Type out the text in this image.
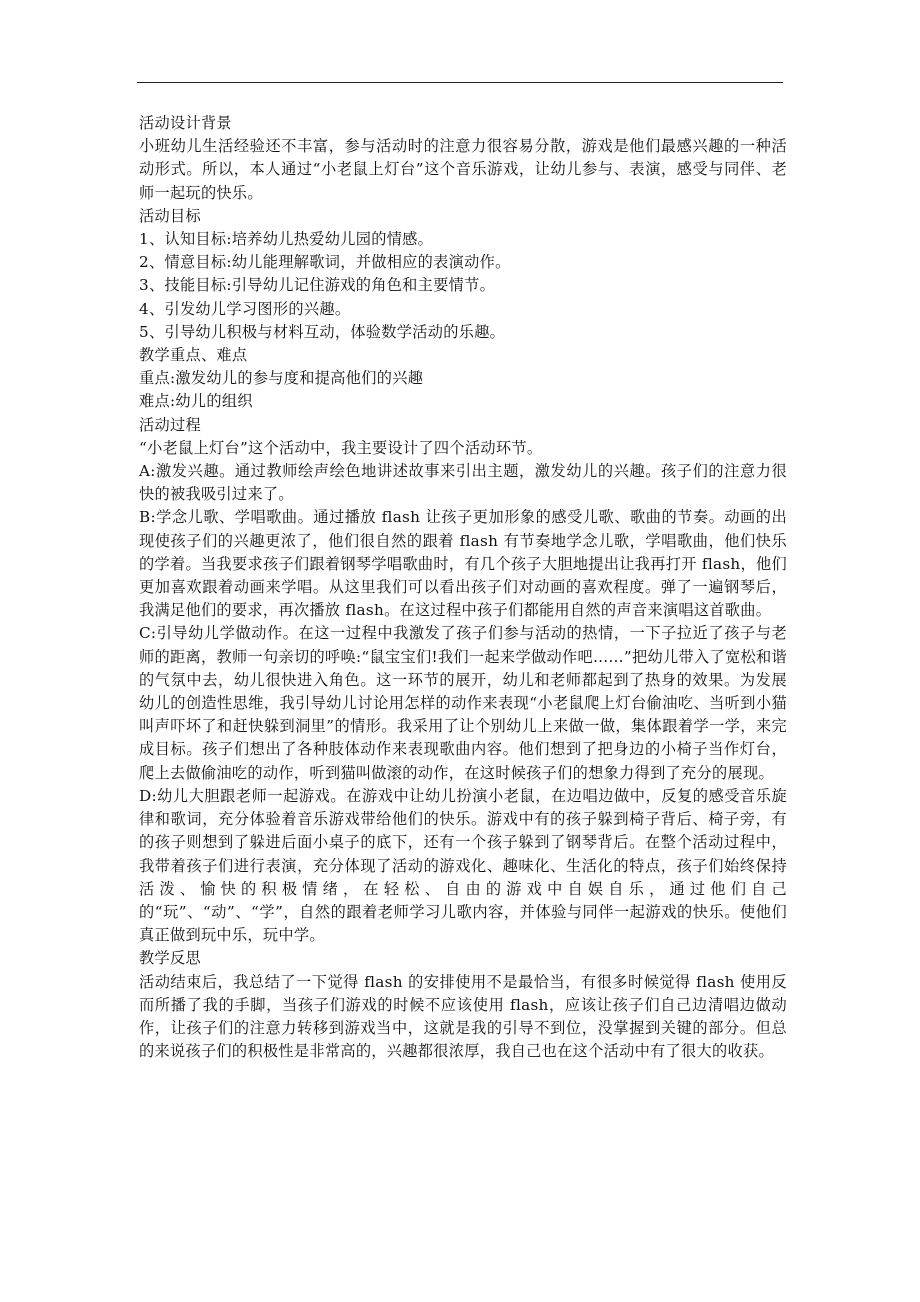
活动设计背景

小班幼儿生活经验还不丰富，参与活动时的注意力很容易分散，游戏是他们最感兴趣的一种活动形式。所以，本人通过“小老鼠上灯台”这个音乐游戏，让幼儿参与、表演，感受与同伴、老师一起玩的快乐。

活动目标

1、认知目标:培养幼儿热爱幼儿园的情感。

2、情意目标:幼儿能理解歌词，并做相应的表演动作。

3、技能目标:引导幼儿记住游戏的角色和主要情节。

4、引发幼儿学习图形的兴趣。

5、引导幼儿积极与材料互动，体验数学活动的乐趣。

教学重点、难点

重点:激发幼儿的参与度和提高他们的兴趣

难点:幼儿的组织

活动过程

“小老鼠上灯台”这个活动中，我主要设计了四个活动环节。

A:激发兴趣。通过教师绘声绘色地讲述故事来引出主题，激发幼儿的兴趣。孩子们的注意力很快的被我吸引过来了。

B:学念儿歌、学唱歌曲。通过播放 flash 让孩子更加形象的感受儿歌、歌曲的节奏。动画的出现使孩子们的兴趣更浓了，他们很自然的跟着 flash 有节奏地学念儿歌，学唱歌曲，他们快乐的学着。当我要求孩子们跟着钢琴学唱歌曲时，有几个孩子大胆地提出让我再打开 flash，他们更加喜欢跟着动画来学唱。从这里我们可以看出孩子们对动画的喜欢程度。弹了一遍钢琴后，我满足他们的要求，再次播放 flash。在这过程中孩子们都能用自然的声音来演唱这首歌曲。

C:引导幼儿学做动作。在这一过程中我激发了孩子们参与活动的热情，一下子拉近了孩子与老师的距离，教师一句亲切的呼唤:“鼠宝宝们!我们一起来学做动作吧……”把幼儿带入了宽松和谐的气氛中去，幼儿很快进入角色。这一环节的展开，幼儿和老师都起到了热身的效果。为发展幼儿的创造性思维，我引导幼儿讨论用怎样的动作来表现“小老鼠爬上灯台偷油吃、当听到小猫叫声吓坏了和赶快躲到洞里”的情形。我采用了让个别幼儿上来做一做，集体跟着学一学，来完成目标。孩子们想出了各种肢体动作来表现歌曲内容。他们想到了把身边的小椅子当作灯台，爬上去做偷油吃的动作，听到猫叫做滚的动作，在这时候孩子们的想象力得到了充分的展现。

D:幼儿大胆跟老师一起游戏。在游戏中让幼儿扮演小老鼠，在边唱边做中，反复的感受音乐旋律和歌词，充分体验着音乐游戏带给他们的快乐。游戏中有的孩子躲到椅子背后、椅子旁，有的孩子则想到了躲进后面小桌子的底下，还有一个孩子躲到了钢琴背后。在整个活动过程中，我带着孩子们进行表演，充分体现了活动的游戏化、趣味化、生活化的特点，孩子们始终保持活泼、愉快的积极情绪，在轻松、自由的游戏中自娱自乐，通过他们自己的“玩”、“动”、“学”，自然的跟着老师学习儿歌内容，并体验与同伴一起游戏的快乐。使他们真正做到玩中乐，玩中学。

教学反思

活动结束后，我总结了一下觉得 flash 的安排使用不是最恰当，有很多时候觉得 flash 使用反而所播了我的手脚，当孩子们游戏的时候不应该使用 flash，应该让孩子们自己边清唱边做动作，让孩子们的注意力转移到游戏当中，这就是我的引导不到位，没掌握到关键的部分。但总的来说孩子们的积极性是非常高的，兴趣都很浓厚，我自己也在这个活动中有了很大的收获。
